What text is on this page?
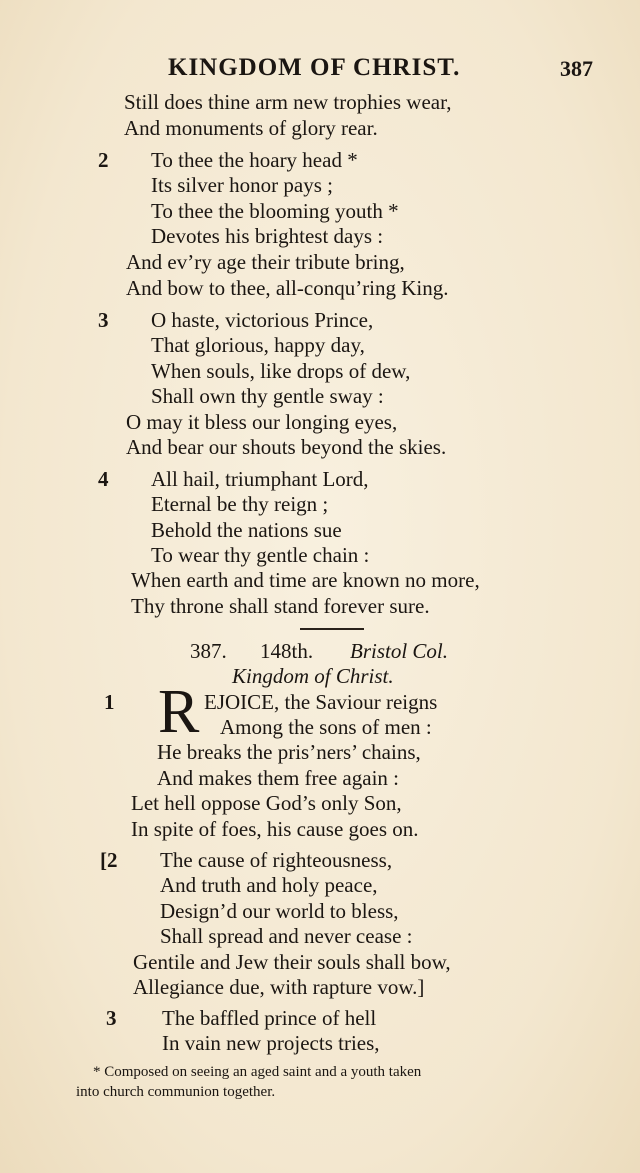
KINGDOM OF CHRIST.	387
Still does thine arm new trophies wear,
And monuments of glory rear.
2 To thee the hoary head *
Its silver honor pays ;
To thee the blooming youth *
Devotes his brightest days :
And ev’ry age their tribute bring,
And bow to thee, all-conqu’ring King.
3 O haste, victorious Prince,
That glorious, happy day,
When souls, like drops of dew,
Shall own thy gentle sway :
O may it bless our longing eyes,
And bear our shouts beyond the skies.
4 All hail, triumphant Lord,
Eternal be thy reign ;
Behold the nations sue
To wear thy gentle chain :
When earth and time are known no more,
Thy throne shall stand forever sure.
387. 148th. Bristol Col.
Kingdom of Christ.
1 R EJOICE, the Saviour reigns
Among the sons of men :
He breaks the pris’ners’ chains,
And makes them free again :
Let hell oppose God’s only Son,
In spite of foes, his cause goes on.
[2 The cause of righteousness,
And truth and holy peace,
Design’d our world to bless,
Shall spread and never cease :
Gentile and Jew their souls shall bow,
Allegiance due, with rapture vow.]
3 The baffled prince of hell
In vain new projects tries,
* Composed on seeing an aged saint and a youth taken
into church communion together.
